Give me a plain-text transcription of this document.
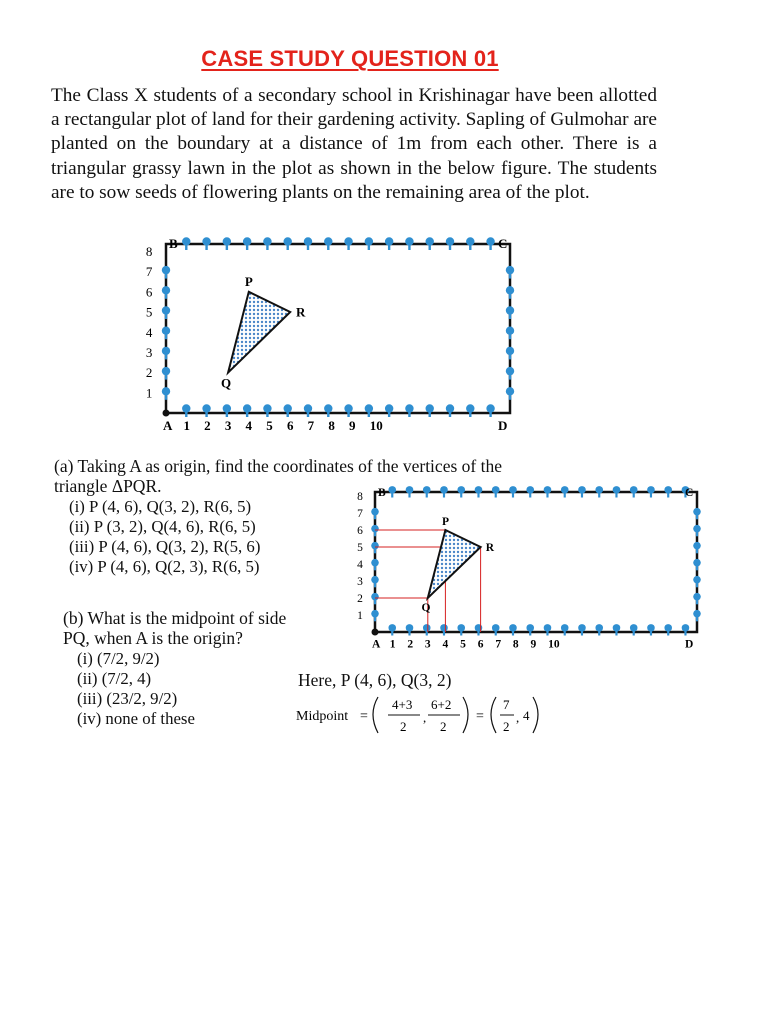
CASE STUDY QUESTION 01
The Class X students of a secondary school in Krishinagar have been allotted a rectangular plot of land for their gardening activity. Sapling of Gulmohar are planted on the boundary at a distance of 1m from each other. There is a triangular grassy lawn in the plot as shown in the below figure. The students are to sow seeds of flowering plants on the remaining area of the plot.
A
B	C
D
1 2 3 4 5 6 7 8 9 10
1
2
3
4
5
6
7
8
P
Q
R
(a) Taking A as origin, find the coordinates of the vertices of the
triangle ΔPQR.
(i) P (4, 6), Q(3, 2), R(6, 5)
(ii) P (3, 2), Q(4, 6), R(6, 5)
(iii) P (4, 6), Q(3, 2), R(5, 6)
(iv) P (4, 6), Q(2, 3), R(6, 5)
A
B	C
D
1 2 3 4 5 6 7 8 9 10
1
2
3
4
5
6
7
8
P
Q
R
(b) What is the midpoint of side
PQ, when A is the origin?
(i) (7/2, 9/2)
(ii) (7/2, 4)
(iii) (23/2, 9/2)
(iv) none of these
Here, P (4, 6), Q(3, 2)
Midpoint =
4+3
2
,
6+2
2
=
7
2
, 4
